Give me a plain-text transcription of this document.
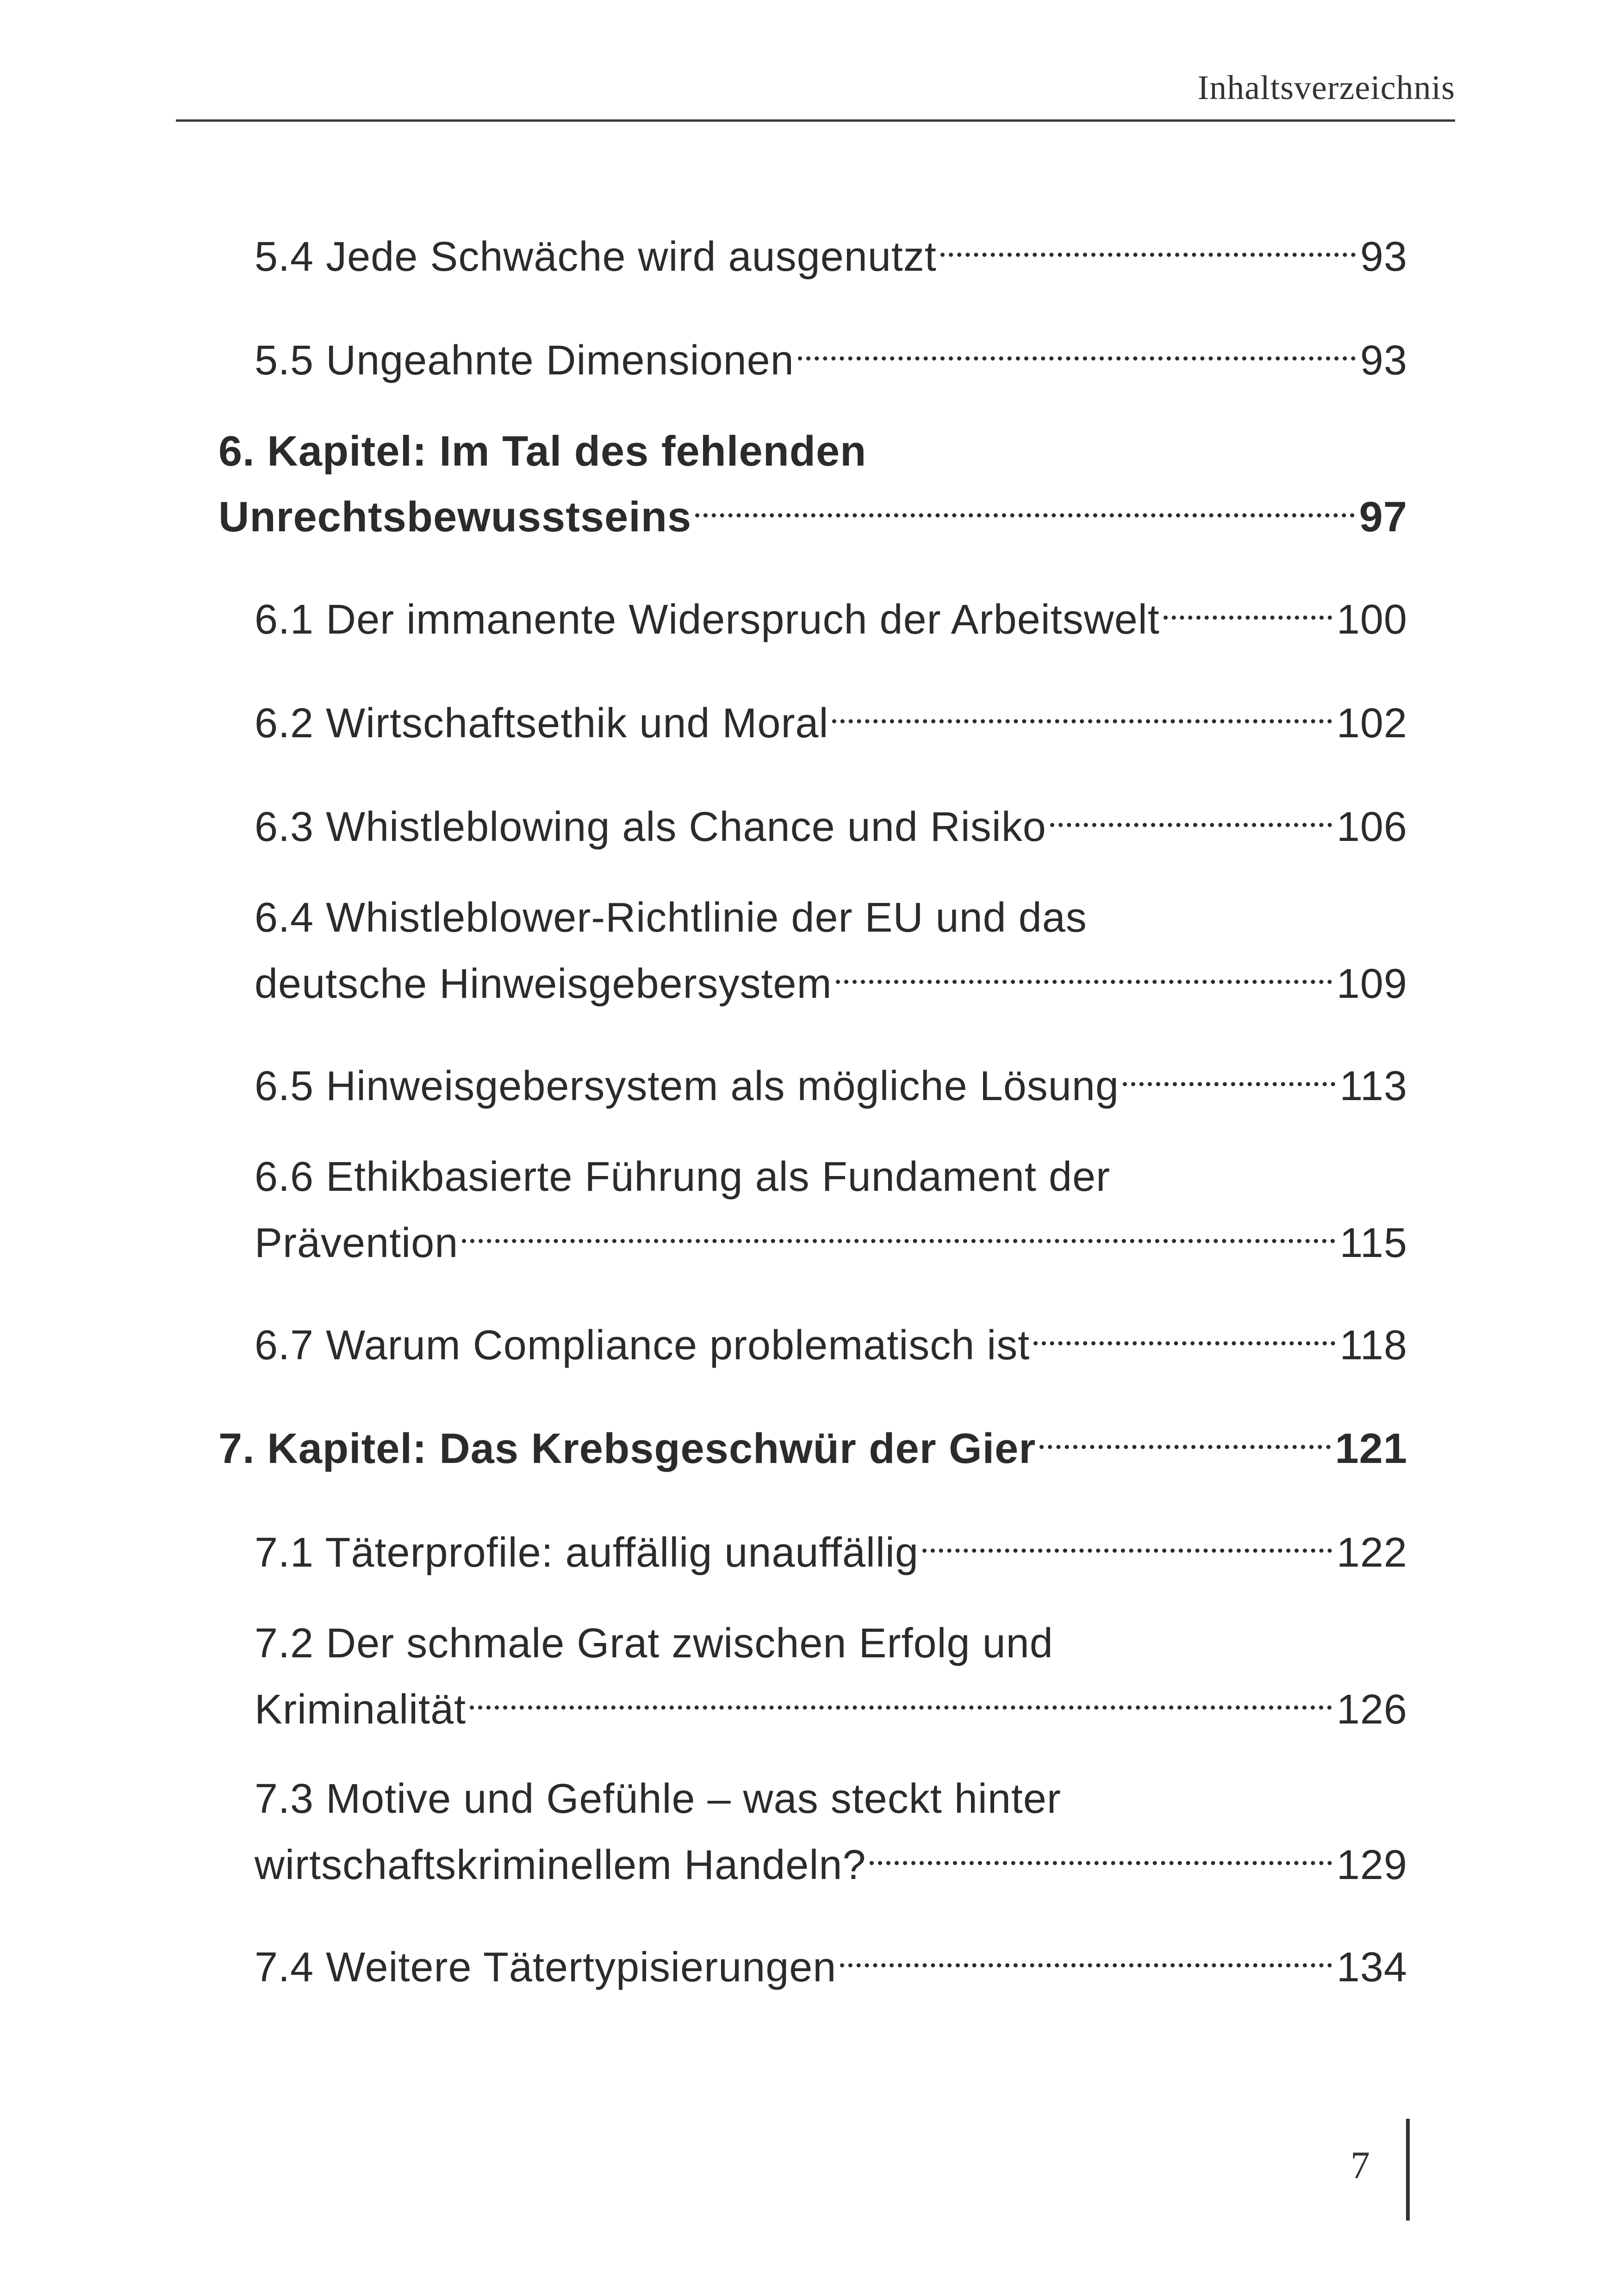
Inhaltsverzeichnis
5.4 Jede Schwäche wird ausgenutzt	93
5.5 Ungeahnte Dimensionen	93
6. Kapitel: Im Tal des fehlenden
Unrechtsbewusstseins	97
6.1 Der immanente Widerspruch der Arbeitswelt	100
6.2 Wirtschaftsethik und Moral	102
6.3 Whistleblowing als Chance und Risiko	106
6.4 Whistleblower-Richtlinie der EU und das
deutsche Hinweisgebersystem	109
6.5 Hinweisgebersystem als mögliche Lösung	113
6.6 Ethikbasierte Führung als Fundament der
Prävention	115
6.7 Warum Compliance problematisch ist	118
7. Kapitel: Das Krebsgeschwür der Gier	121
7.1 Täterprofile: auffällig unauffällig	122
7.2 Der schmale Grat zwischen Erfolg und
Kriminalität	126
7.3 Motive und Gefühle – was steckt hinter
wirtschaftskriminellem Handeln?	129
7.4 Weitere Tätertypisierungen	134
7
